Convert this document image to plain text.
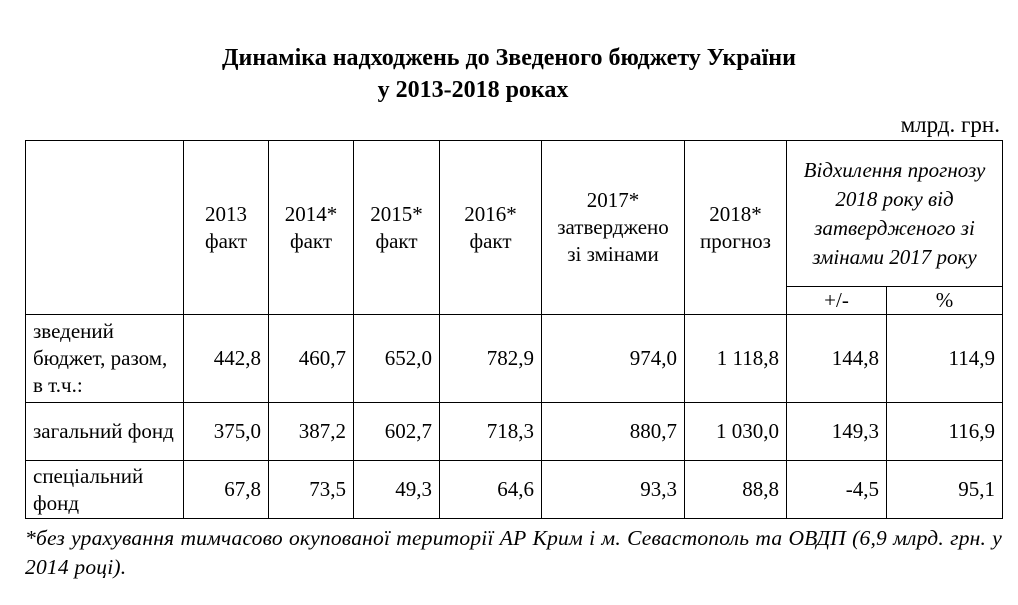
Динаміка надходжень до Зведеного бюджету України
у 2013-2018 роках
млрд. грн.
	2013 факт	2014* факт	2015* факт	2016* факт	2017* затверджено зі змінами	2018* прогноз	Відхилення прогнозу 2018 року від затвердженого зі змінами 2017 року	
							+/-	%
зведений бюджет, разом, в т.ч.:	442,8	460,7	652,0	782,9	974,0	1 118,8	144,8	114,9
загальний фонд	375,0	387,2	602,7	718,3	880,7	1 030,0	149,3	116,9
спеціальний фонд	67,8	73,5	49,3	64,6	93,3	88,8	-4,5	95,1
*без урахування тимчасово окупованої території АР Крим і м. Севастополь та ОВДП (6,9 млрд. грн. у 2014 році).
